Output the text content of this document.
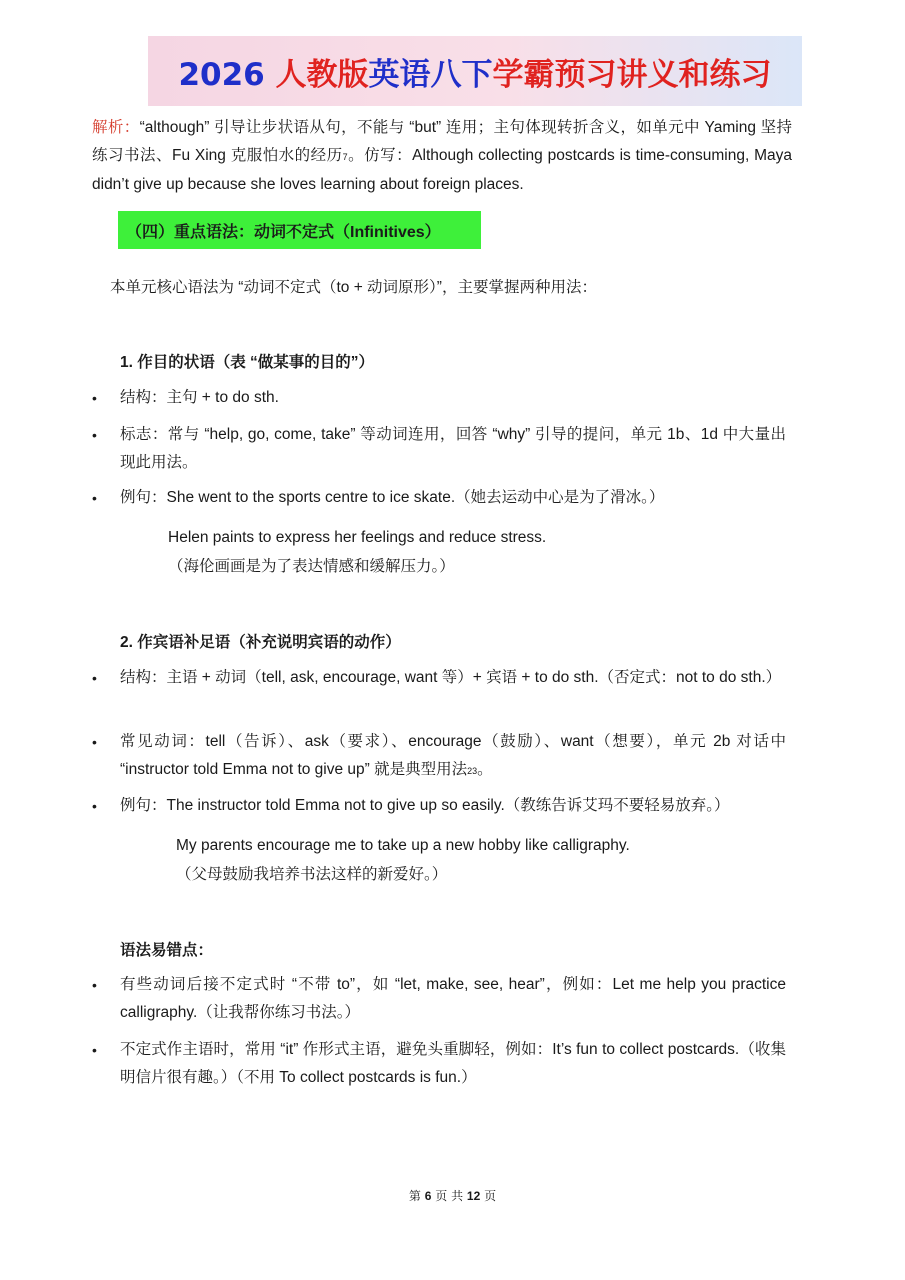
2026 人教版英语八下学霸预习讲义和练习
解析：“although” 引导让步状语从句，不能与 “but” 连用；主句体现转折含义，如单元中 Yaming 坚持练习书法、Fu Xing 克服怕水的经历7。仿写：Although collecting postcards is time-consuming, Maya didn’t give up because she loves learning about foreign places.
（四）重点语法：动词不定式（Infinitives）
本单元核心语法为 “动词不定式（to + 动词原形）”，主要掌握两种用法：
1. 作目的状语（表 “做某事的目的”）
• 结构：主句 + to do sth.
• 标志：常与 “help, go, come, take” 等动词连用，回答 “why” 引导的提问，单元 1b、1d 中大量出现此用法。
• 例句：She went to the sports centre to ice skate.（她去运动中心是为了滑冰。）
Helen paints to express her feelings and reduce stress.
（海伦画画是为了表达情感和缓解压力。）
2. 作宾语补足语（补充说明宾语的动作）
• 结构：主语 + 动词（tell, ask, encourage, want 等）+ 宾语 + to do sth.（否定式：not to do sth.）
• 常见动词：tell（告诉）、ask（要求）、encourage（鼓励）、want（想要），单元 2b 对话中 “instructor told Emma not to give up” 就是典型用法23。
• 例句：The instructor told Emma not to give up so easily.（教练告诉艾玛不要轻易放弃。）
My parents encourage me to take up a new hobby like calligraphy.
（父母鼓励我培养书法这样的新爱好。）
语法易错点：
• 有些动词后接不定式时 “不带 to”，如 “let, make, see, hear”，例如：Let me help you practice calligraphy.（让我帮你练习书法。）
• 不定式作主语时，常用 “it” 作形式主语，避免头重脚轻，例如：It’s fun to collect postcards.（收集明信片很有趣。）（不用 To collect postcards is fun.）
第 6 页 共 12 页
